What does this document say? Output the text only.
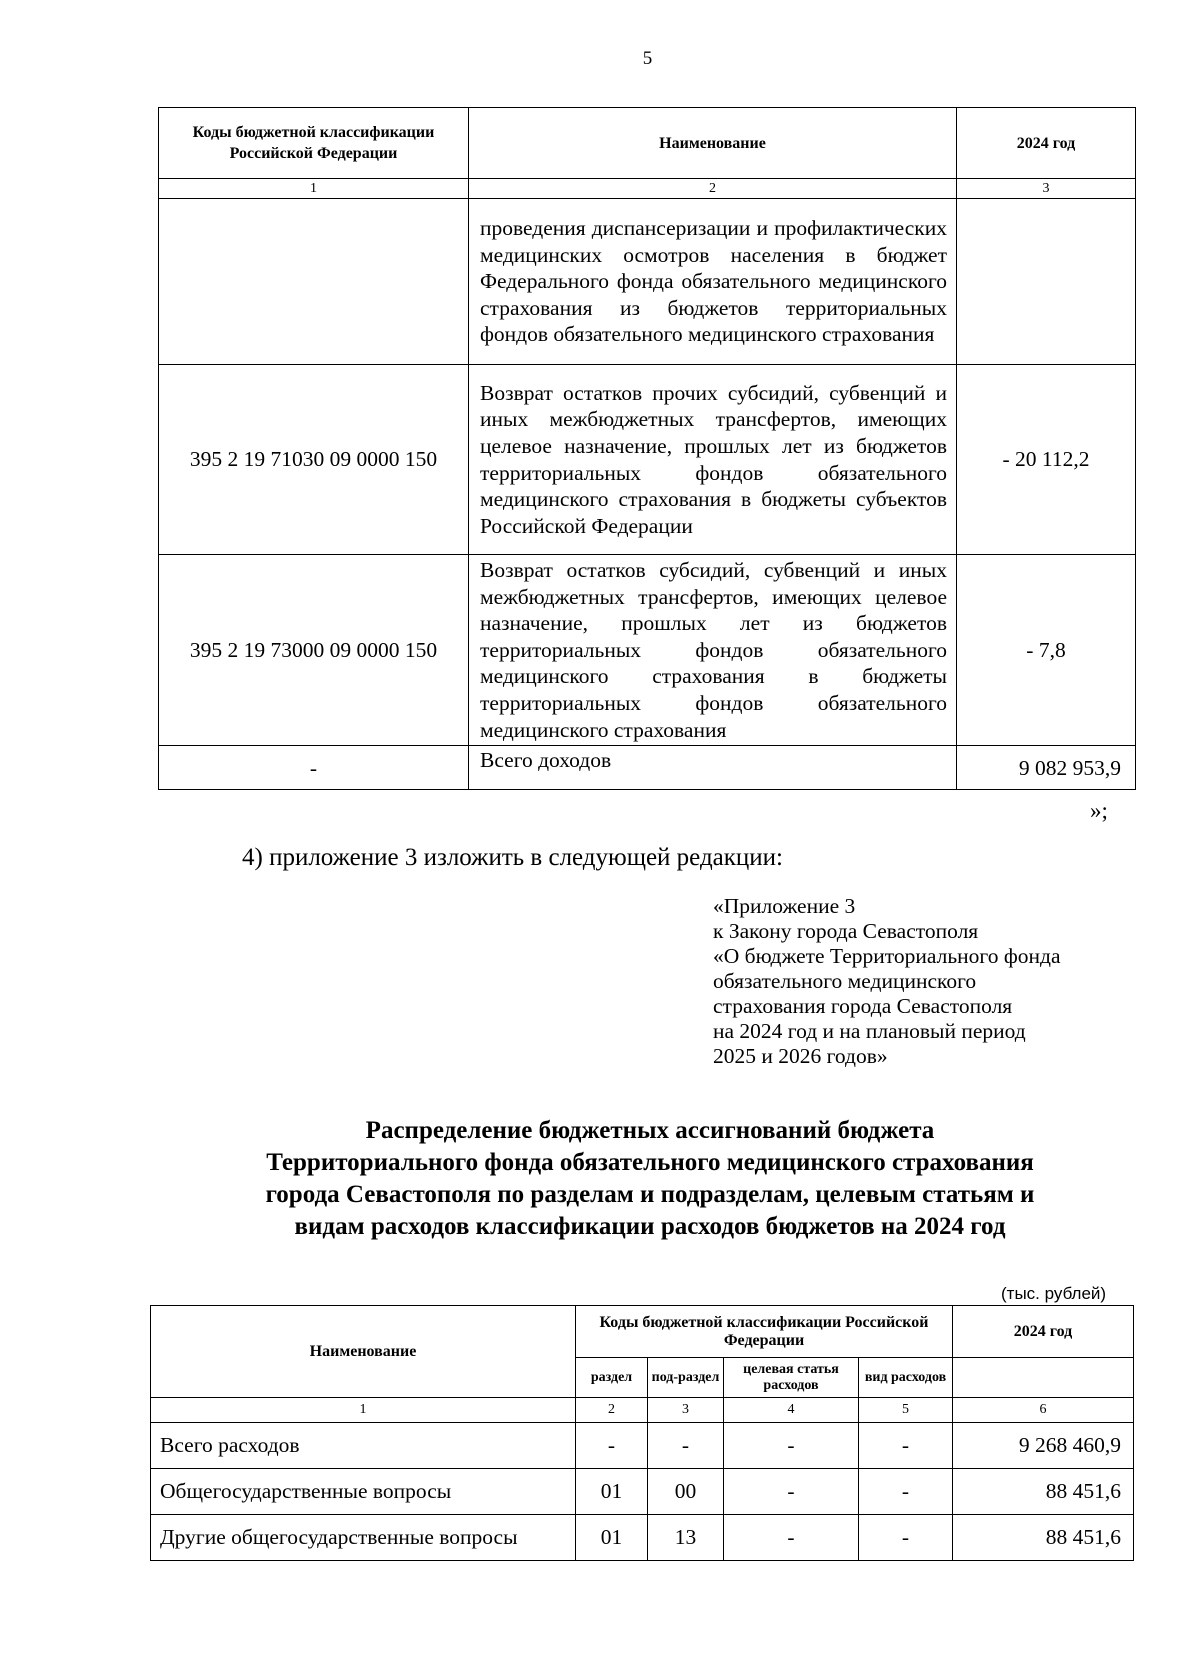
5
Коды бюджетной классификации Российской Федерации	Наименование	2024 год
1	2	3
	проведения диспансеризации и профилактических медицинских осмотров населения в бюджет Федерального фонда обязательного медицинского страхования из бюджетов территориальных фондов обязательного медицинского страхования	
395 2 19 71030 09 0000 150	Возврат остатков прочих субсидий, субвенций и иных межбюджетных трансфертов, имеющих целевое назначение, прошлых лет из бюджетов территориальных фондов обязательного медицинского страхования в бюджеты субъектов Российской Федерации	- 20 112,2
395 2 19 73000 09 0000 150	Возврат остатков субсидий, субвенций и иных межбюджетных трансфертов, имеющих целевое назначение, прошлых лет из бюджетов территориальных фондов обязательного медицинского страхования в бюджеты территориальных фондов обязательного медицинского страхования	- 7,8
-	Всего доходов	9 082 953,9
»;
4) приложение 3 изложить в следующей редакции:
«Приложение 3
к Закону города Севастополя
«О бюджете Территориального фонда
обязательного медицинского
страхования города Севастополя
на 2024 год и на плановый период
2025 и 2026 годов»
Распределение бюджетных ассигнований бюджета
Территориального фонда обязательного медицинского страхования
города Севастополя по разделам и подразделам, целевым статьям и
видам расходов классификации расходов бюджетов на 2024 год
(тыс. рублей)
Наименование	Коды бюджетной классификации Российской Федерации				2024 год
	раздел	под-раздел	целевая статья расходов	вид расходов	
1	2	3	4	5	6
Всего расходов	-	-	-	-	9 268 460,9
Общегосударственные вопросы	01	00	-	-	88 451,6
Другие общегосударственные вопросы	01	13	-	-	88 451,6
